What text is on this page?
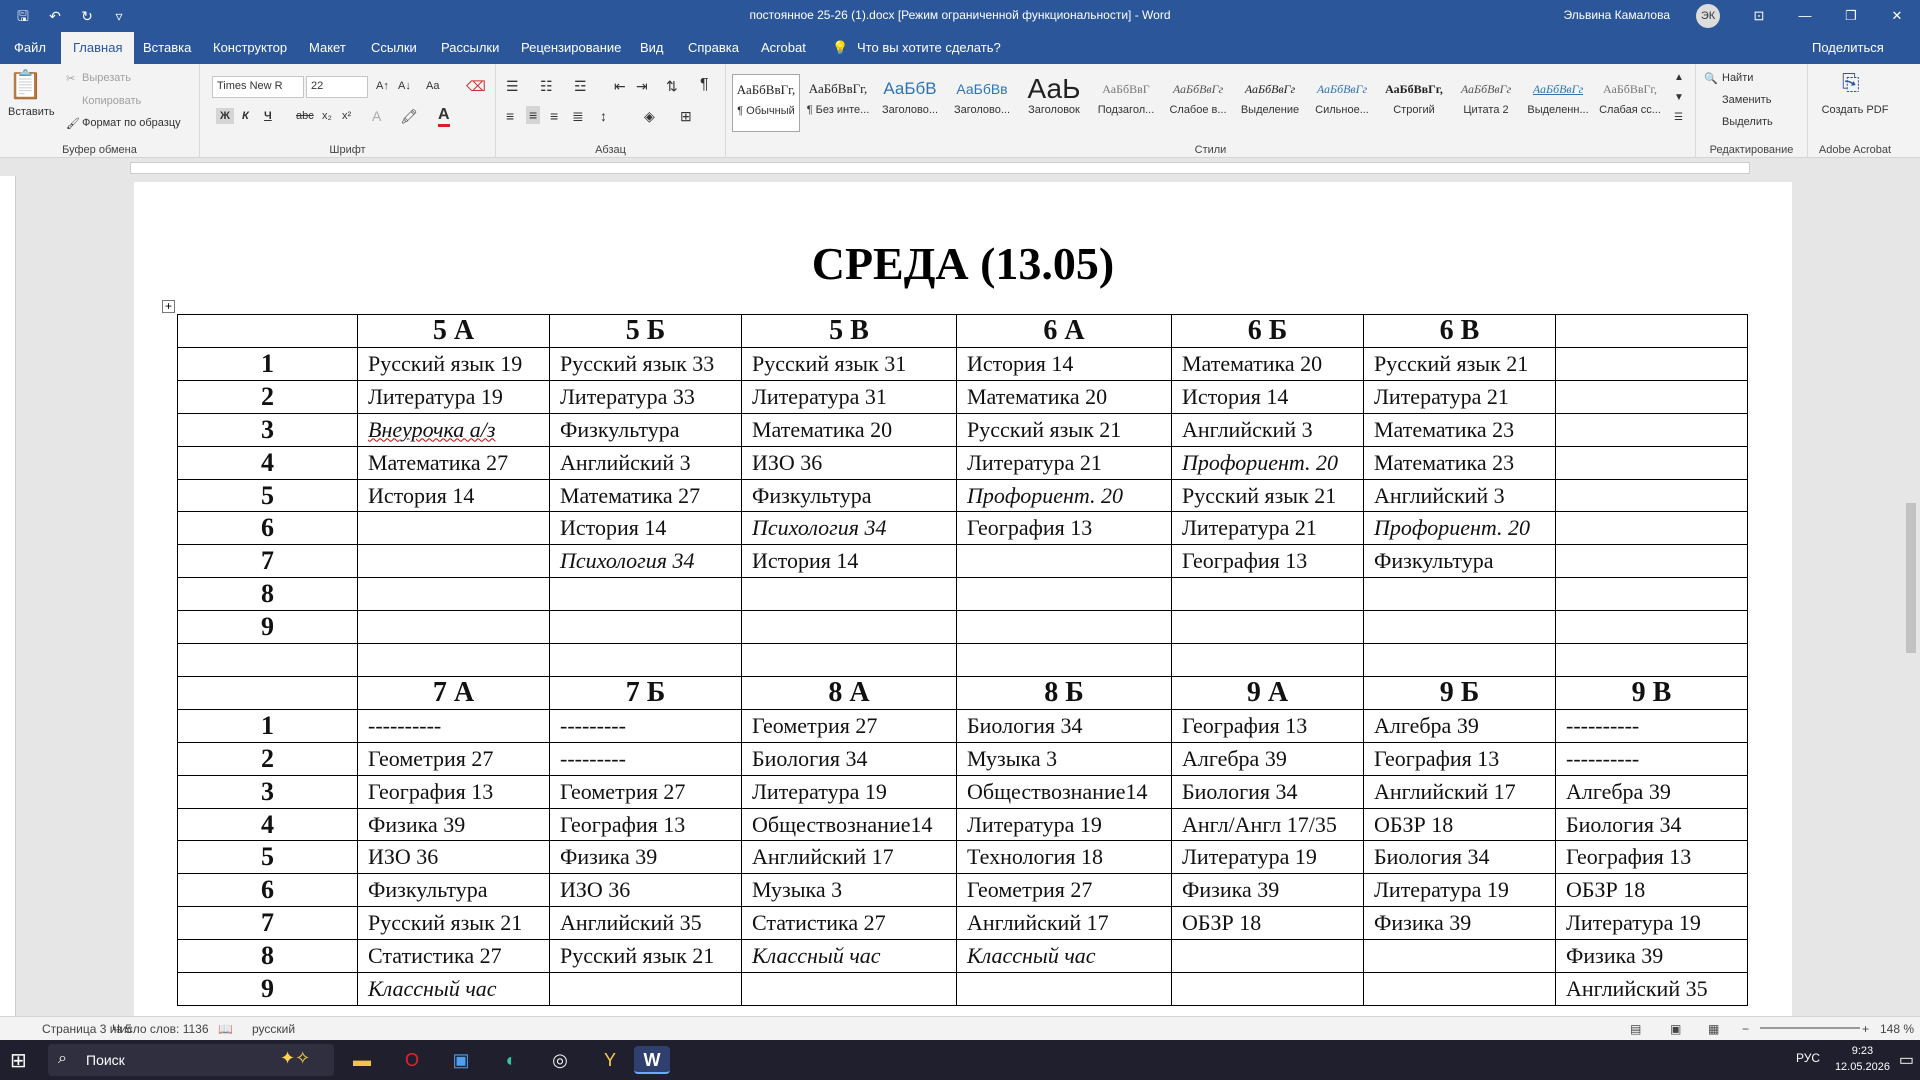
🖫	↶	↻	▿	постоянное 25-26 (1).docx [Режим ограниченной функциональности] - Word	Эльвина Камалова	ЭК	⊡	—	❐	✕
Файл	Главная	Вставка Конструктор Макет Ссылки Рассылки Рецензирование Вид Справка Acrobat 💡 Что вы хотите сделать?	Поделиться
📋
Вставить
✂ Вырезать
Копировать
🖌 Формат по образцу
Буфер обмена
Times New R	22	A↑ A↓ Aa ⌫
Ж	К Ч abc x₂ x² A 🖍 A
Шрифт
☰ ☷ ☲ ⇤ ⇥ ⇅ ¶
≡ ≡ ≡ ≣ ↕	◈ ⊞
Абзац
АаБбВвГг,
¶ Обычный
АаБбВвГг,
¶ Без инте...
АаБбВ
Заголово...
АаБбВв
Заголово...
АаЬ
Заголовок
АаБбВвГ
Подзагол...
АаБбВвГг
Слабое в...
АаБбВвГг
Выделение
АаБбВвГг
Сильное...
АаБбВвГг,
Строгий
АаБбВвГг
Цитата 2
АаБбВвГг
Выделенн...
АаБбВвГг,
Слабая сс...
▲
▼
☰
Стили
🔍 Найти
Заменить
Выделить
Редактирование
⎘
Создать PDF
Adobe Acrobat
СРЕДА (13.05)
+
	5 А	5 Б	5 В	6 А	6 Б	6 В	
1	Русский язык 19	Русский язык 33	Русский язык 31	История 14	Математика 20	Русский язык 21	
2	Литература 19	Литература 33	Литература 31	Математика 20	История 14	Литература 21	
3	Внеурочка а/з	Физкультура	Математика 20	Русский язык 21	Английский 3	Математика 23	
4	Математика 27	Английский 3	ИЗО 36	Литература 21	Профориент. 20	Математика 23	
5	История 14	Математика 27	Физкультура	Профориент. 20	Русский язык 21	Английский 3	
6		История 14	Психология 34	География 13	Литература 21	Профориент. 20	
7		Психология 34	История 14		География 13	Физкультура	
8							
9							

	7 А	7 Б	8 А	8 Б	9 А	9 Б	9 В
1	----------	---------	Геометрия 27	Биология 34	География 13	Алгебра 39	----------
2	Геометрия 27	---------	Биология 34	Музыка 3	Алгебра 39	География 13	----------
3	География 13	Геометрия 27	Литература 19	Обществознание14	Биология 34	Английский 17	Алгебра 39
4	Физика 39	География 13	Обществознание14	Литература 19	Англ/Англ 17/35	ОБЗР 18	Биология 34
5	ИЗО 36	Физика 39	Английский 17	Технология 18	Литература 19	Биология 34	География 13
6	Физкультура	ИЗО 36	Музыка 3	Геометрия 27	Физика 39	Литература 19	ОБЗР 18
7	Русский язык 21	Английский 35	Статистика 27	Английский 17	ОБЗР 18	Физика 39	Литература 19
8	Статистика 27	Русский язык 21	Классный час	Классный час			Физика 39
9	Классный час						Английский 35
Страница 3 из 5
Число слов: 1136 📖 русский	▤ ▣ ▦ −	+ 148 %
⊞ ⌕ Поиск	✦✧	▬	O	▣	◐	◎	Y	W	РУС	9:23
12.05.2026 ▭
